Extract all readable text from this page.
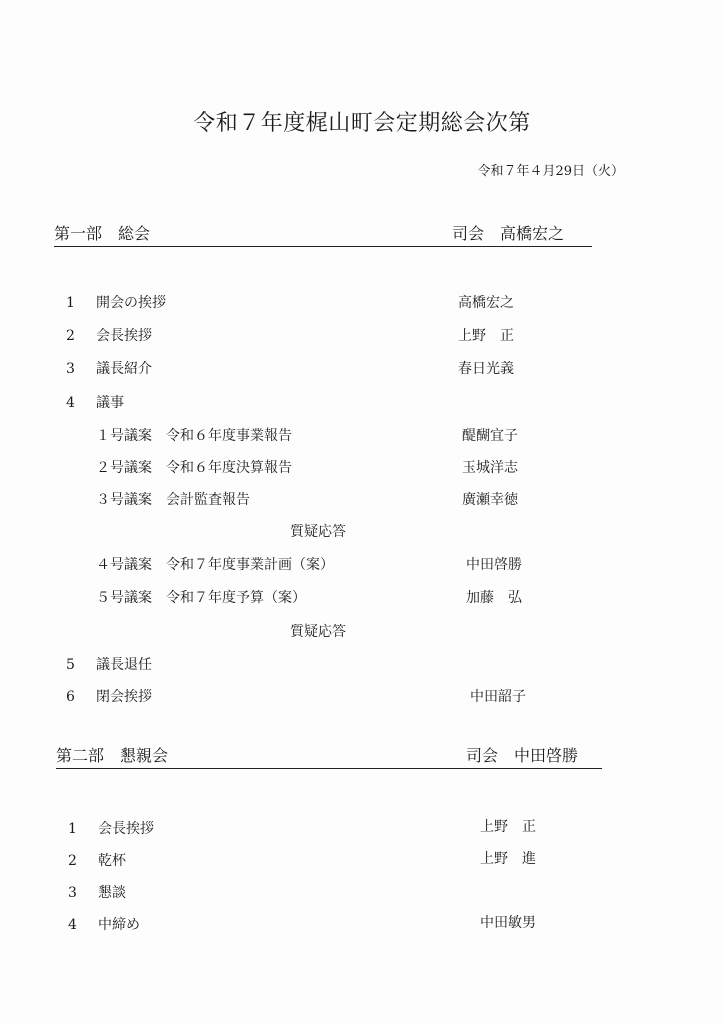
令和７年度梶山町会定期総会次第
令和７年４月29日（火）
第一部　総会	司会　高橋宏之
1 開会の挨拶	高橋宏之
2 会長挨拶	上野　正
3 議長紹介	春日光義
4 議事
１号議案　令和６年度事業報告	醍醐宜子
２号議案　令和６年度決算報告	玉城洋志
３号議案　会計監査報告	廣瀬幸徳
質疑応答
４号議案　令和７年度事業計画（案）	中田啓勝
５号議案　令和７年度予算（案）	加藤　弘
質疑応答
5 議長退任
6 閉会挨拶	中田韶子
第二部　懇親会	司会　中田啓勝
1 会長挨拶	上野　正
2 乾杯	上野　進
3 懇談
4 中締め	中田敏男
